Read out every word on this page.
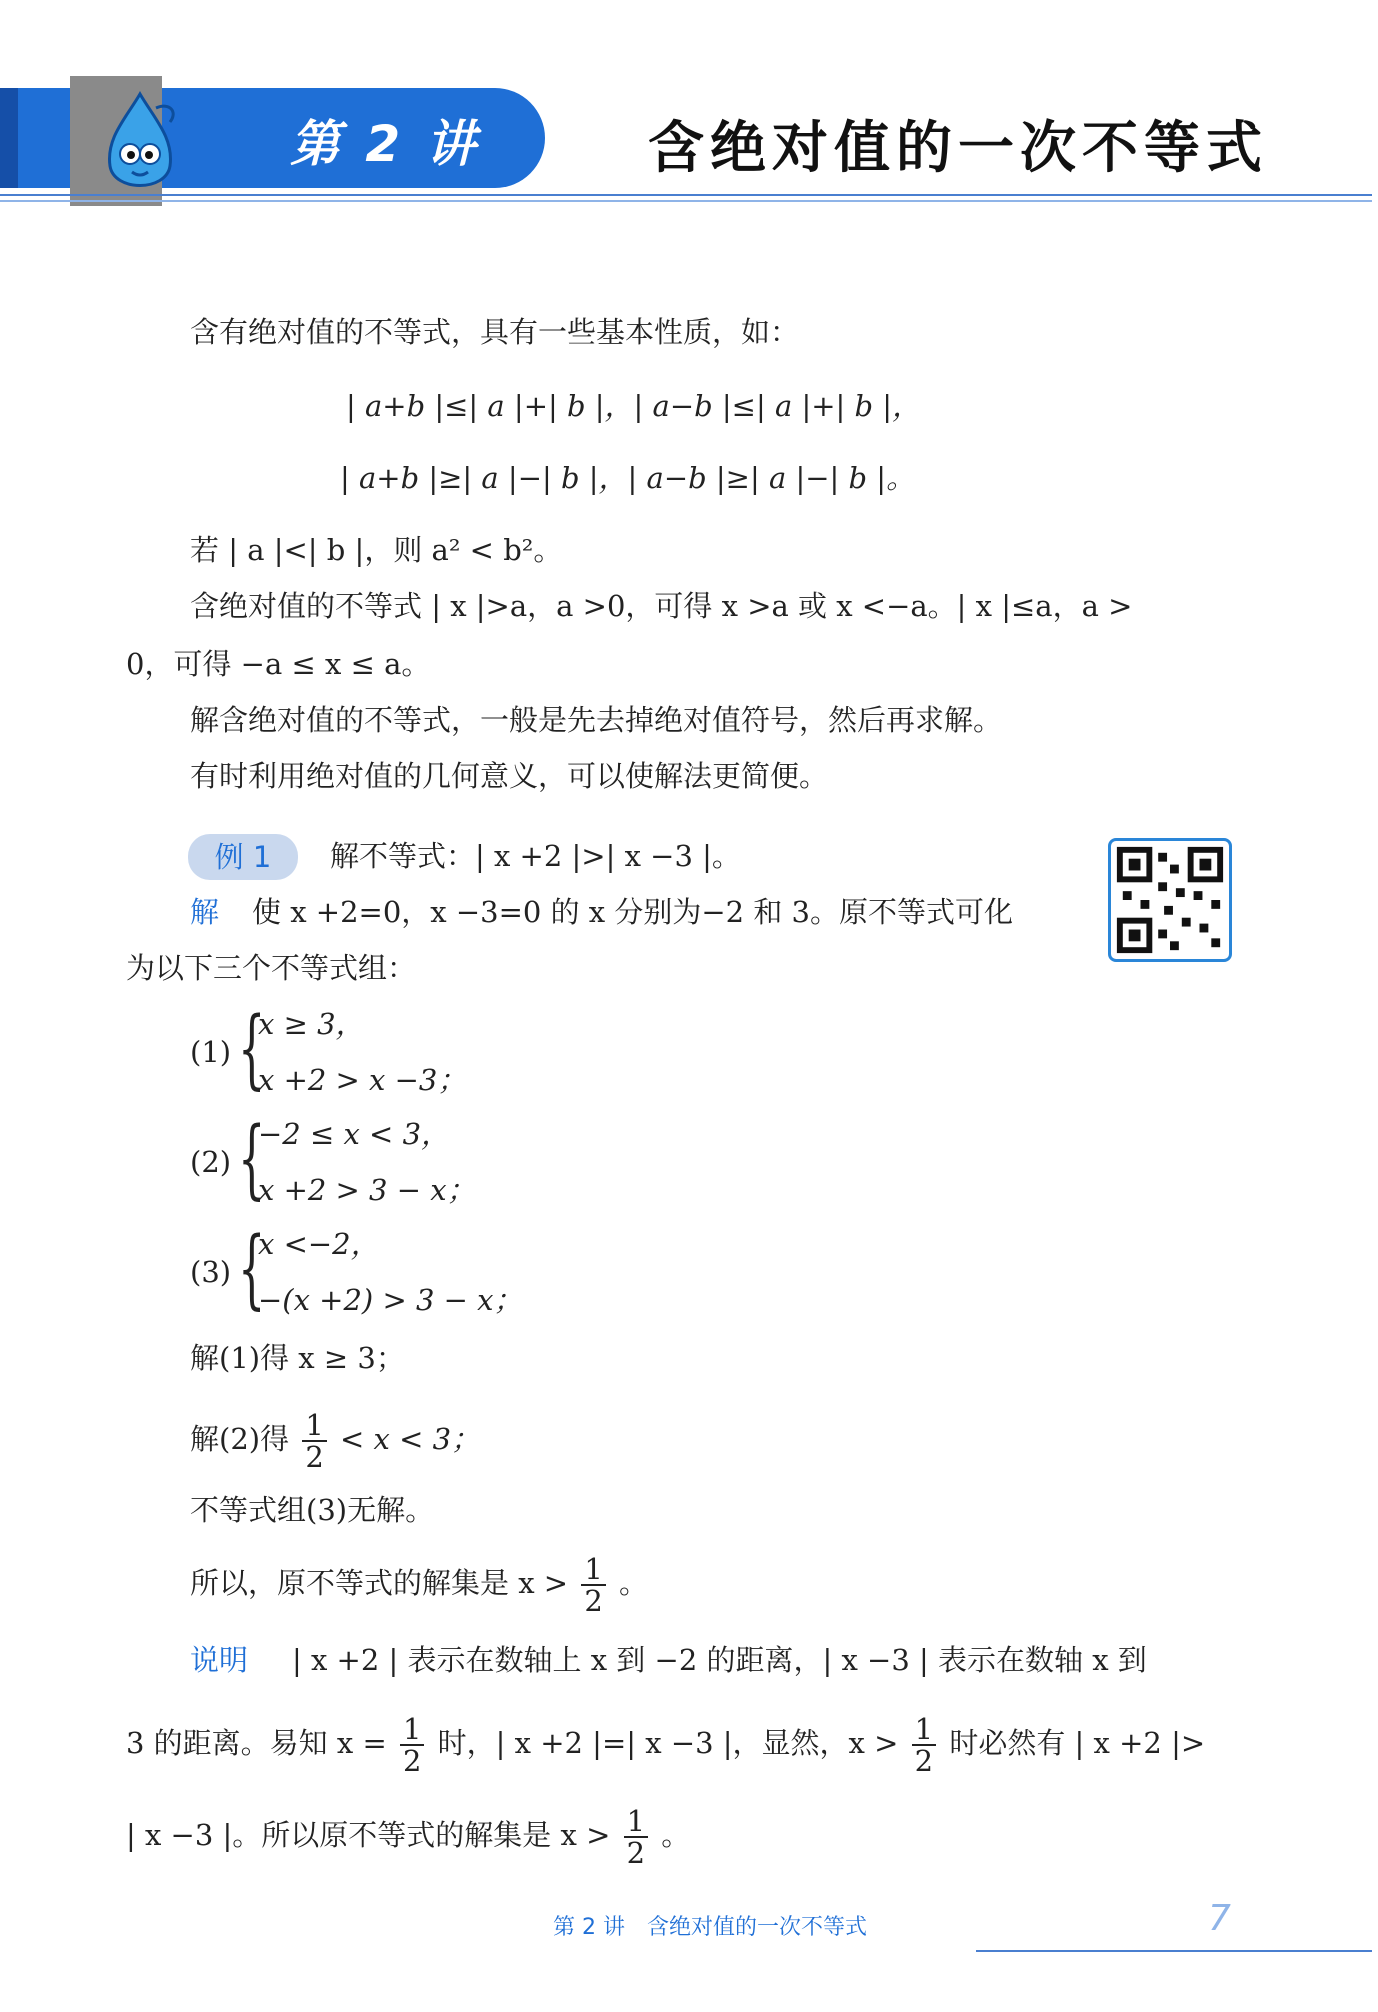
第 2 讲	含绝对值的一次不等式
含有绝对值的不等式，具有一些基本性质，如：
| a+b |≤| a |+| b |，| a−b |≤| a |+| b |，
| a+b |≥| a |−| b |，| a−b |≥| a |−| b |。
若 | a |<| b |，则 a² < b²。
含绝对值的不等式 | x |>a，a >0，可得 x >a 或 x <−a。| x |≤a，a >
0，可得 −a ≤ x ≤ a。
解含绝对值的不等式，一般是先去掉绝对值符号，然后再求解。
有时利用绝对值的几何意义，可以使解法更简便。
例 1	解不等式：| x +2 |>| x −3 |。
解 使 x +2=0，x −3=0 的 x 分别为−2 和 3。原不等式可化
为以下三个不等式组：
(1) {
x ≥ 3，
x +2 > x −3；
(2) {
−2 ≤ x < 3，
x +2 > 3 − x；
(3) {
x <−2，
−(x +2) > 3 − x；
解(1)得 x ≥ 3；
解(2)得 $\frac{1}{2} < x < 3$；
不等式组(3)无解。
所以，原不等式的解集是 $x > \frac{1}{2}$ 。
说明 | x +2 | 表示在数轴上 x 到 −2 的距离，| x −3 | 表示在数轴 x 到
3 的距离。易知 $x = \frac{1}{2}$ 时，| x +2 |=| x −3 |，显然，$x > \frac{1}{2}$ 时必然有 | x +2 |>
| x −3 |。所以原不等式的解集是 $x > \frac{1}{2}$ 。
第 2 讲　含绝对值的一次不等式	7
